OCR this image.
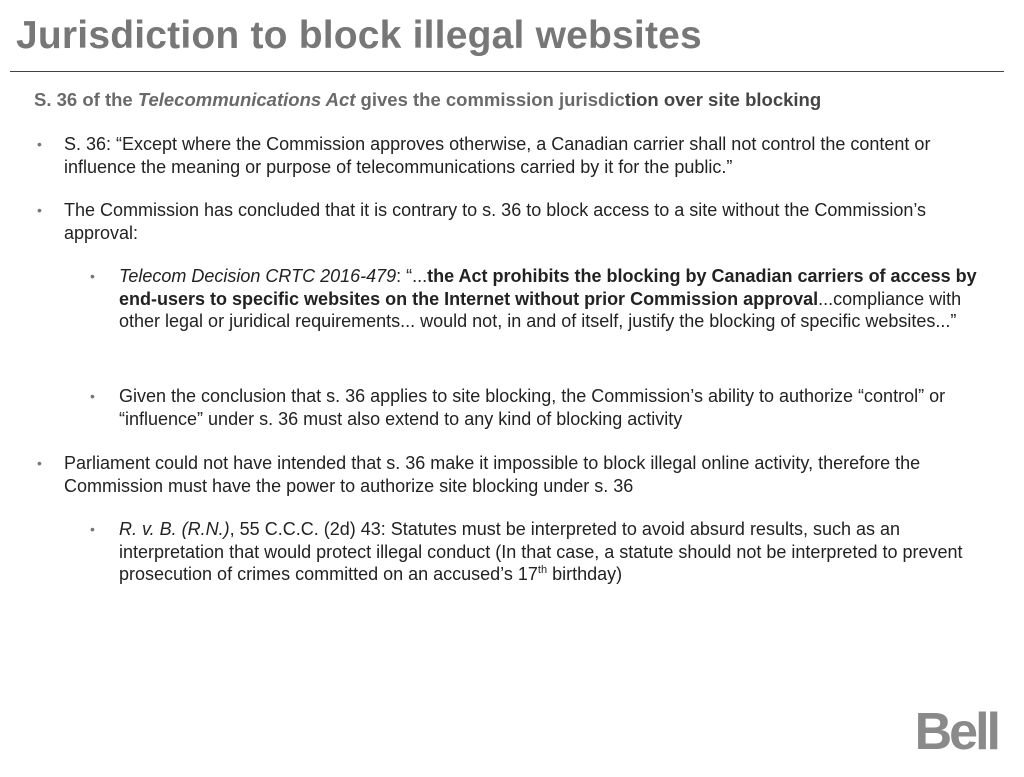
Jurisdiction to block illegal websites

S. 36 of the Telecommunications Act gives the commission jurisdiction over site blocking

• S. 36: “Except where the Commission approves otherwise, a Canadian carrier shall not control the content or influence the meaning or purpose of telecommunications carried by it for the public.”
• The Commission has concluded that it is contrary to s. 36 to block access to a site without the Commission’s approval:
• Telecom Decision CRTC 2016-479: “...the Act prohibits the blocking by Canadian carriers of access by end-users to specific websites on the Internet without prior Commission approval...compliance with other legal or juridical requirements... would not, in and of itself, justify the blocking of specific websites...”
• Given the conclusion that s. 36 applies to site blocking, the Commission’s ability to authorize “control” or “influence” under s. 36 must also extend to any kind of blocking activity
• Parliament could not have intended that s. 36 make it impossible to block illegal online activity, therefore the Commission must have the power to authorize site blocking under s. 36
• R. v. B. (R.N.), 55 C.C.C. (2d) 43: Statutes must be interpreted to avoid absurd results, such as an interpretation that would protect illegal conduct (In that case, a statute should not be interpreted to prevent prosecution of crimes committed on an accused’s 17th birthday)
Bell
